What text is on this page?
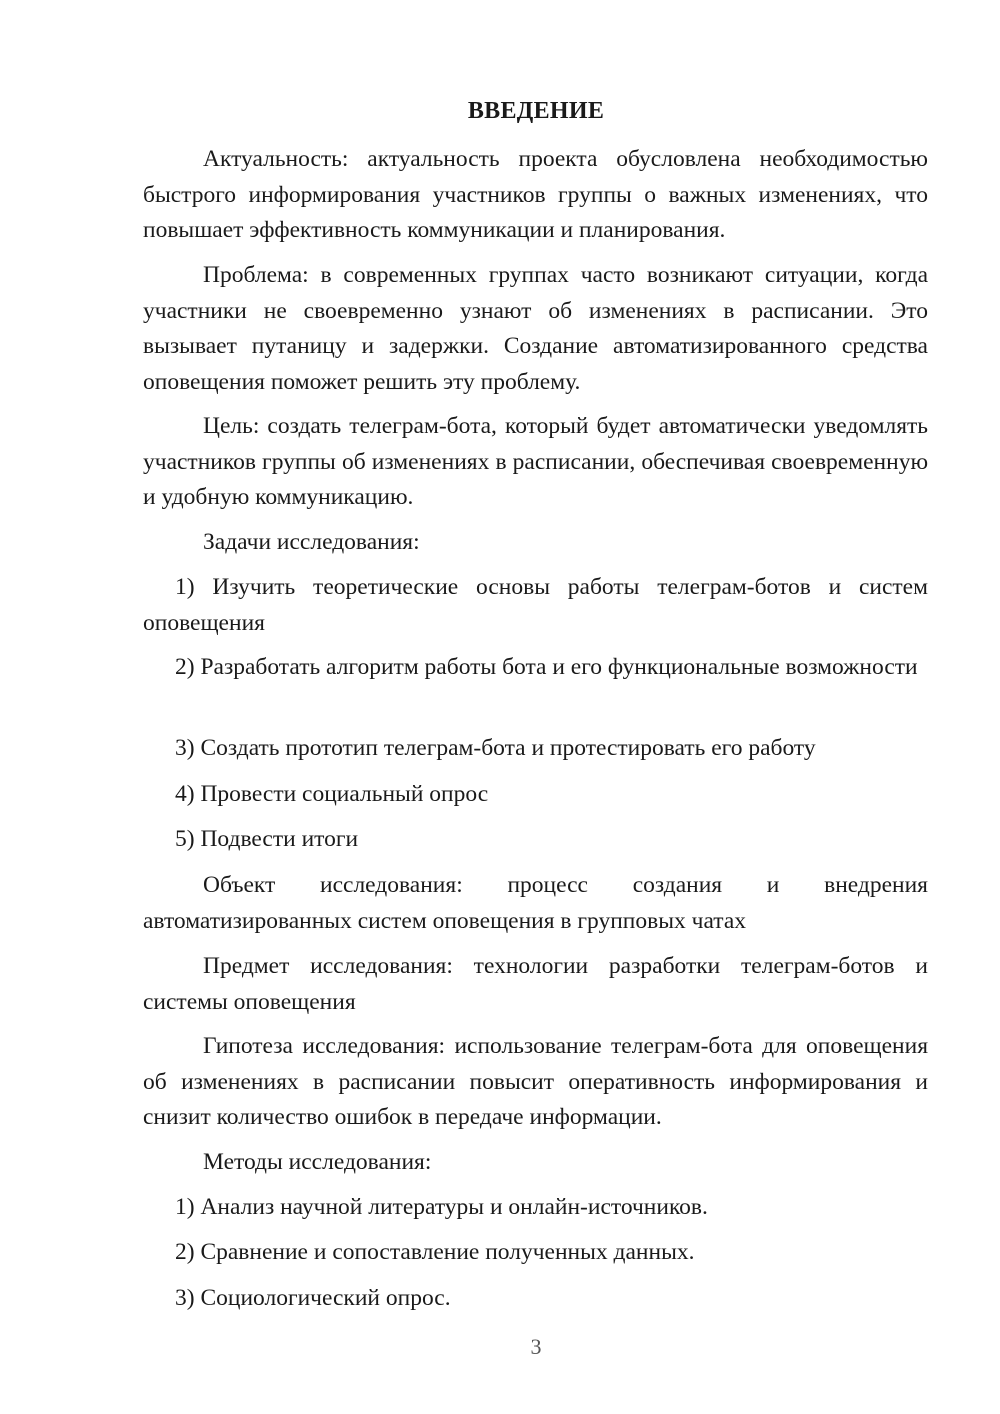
ВВЕДЕНИЕ
Актуальность: актуальность проекта обусловлена необходимостью быстрого информирования участников группы о важных изменениях, что повышает эффективность коммуникации и планирования.
Проблема: в современных группах часто возникают ситуации, когда участники не своевременно узнают об изменениях в расписании. Это вызывает путаницу и задержки. Создание автоматизированного средства оповещения поможет решить эту проблему.
Цель: создать телеграм-бота, который будет автоматически уведомлять участников группы об изменениях в расписании, обеспечивая своевременную и удобную коммуникацию.
Задачи исследования:
1) Изучить теоретические основы работы телеграм-ботов и систем оповещения
2) Разработать алгоритм работы бота и его функциональные возможности
3) Создать прототип телеграм-бота и протестировать его работу
4) Провести социальный опрос
5) Подвести итоги
Объект исследования: процесс создания и внедрения автоматизированных систем оповещения в групповых чатах
Предмет исследования: технологии разработки телеграм-ботов и системы оповещения
Гипотеза исследования: использование телеграм-бота для оповещения об изменениях в расписании повысит оперативность информирования и снизит количество ошибок в передаче информации.
Методы исследования:
1) Анализ научной литературы и онлайн-источников.
2) Сравнение и сопоставление полученных данных.
3) Социологический опрос.
3
